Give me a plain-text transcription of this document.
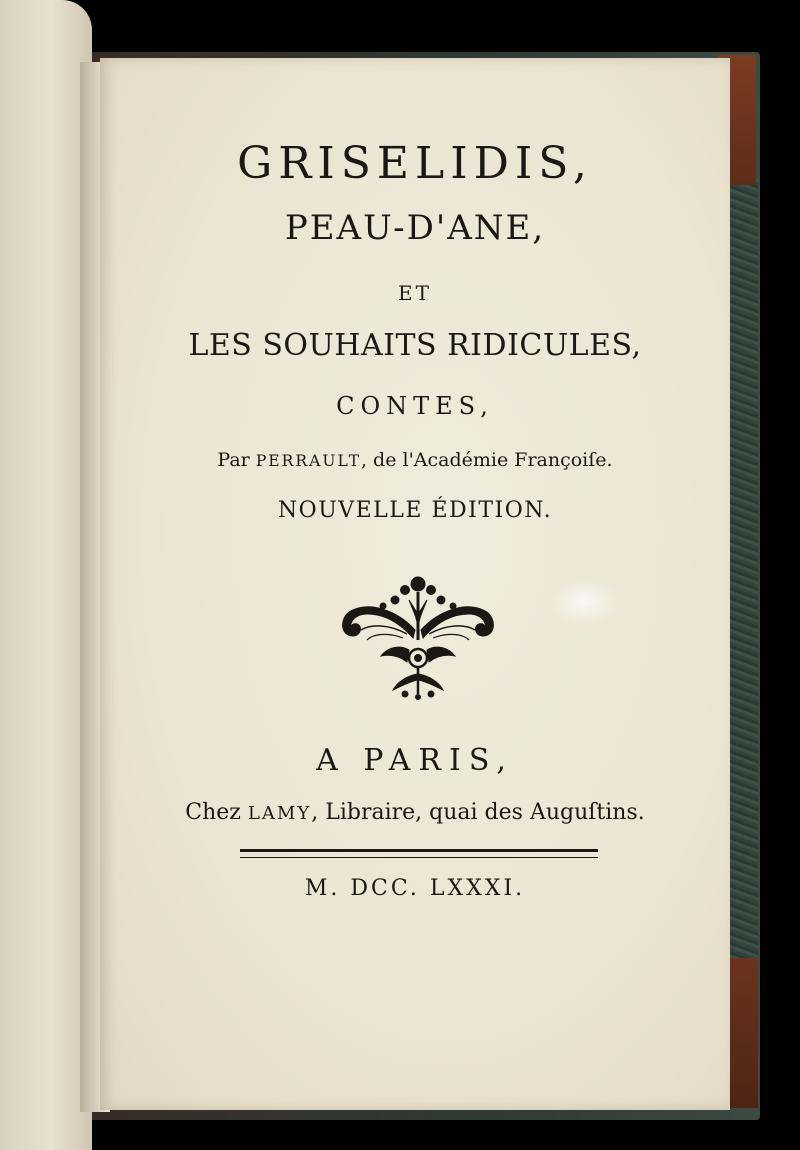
GRISELIDIS,
PEAU-D'ANE,
ET
LES SOUHAITS RIDICULES,
CONTES,
Par PERRAULT, de l'Académie Françoiſe.
NOUVELLE ÉDITION.
A PARIS,
Chez LAMY, Libraire, quai des Auguſtins.
M. DCC. LXXXI.
